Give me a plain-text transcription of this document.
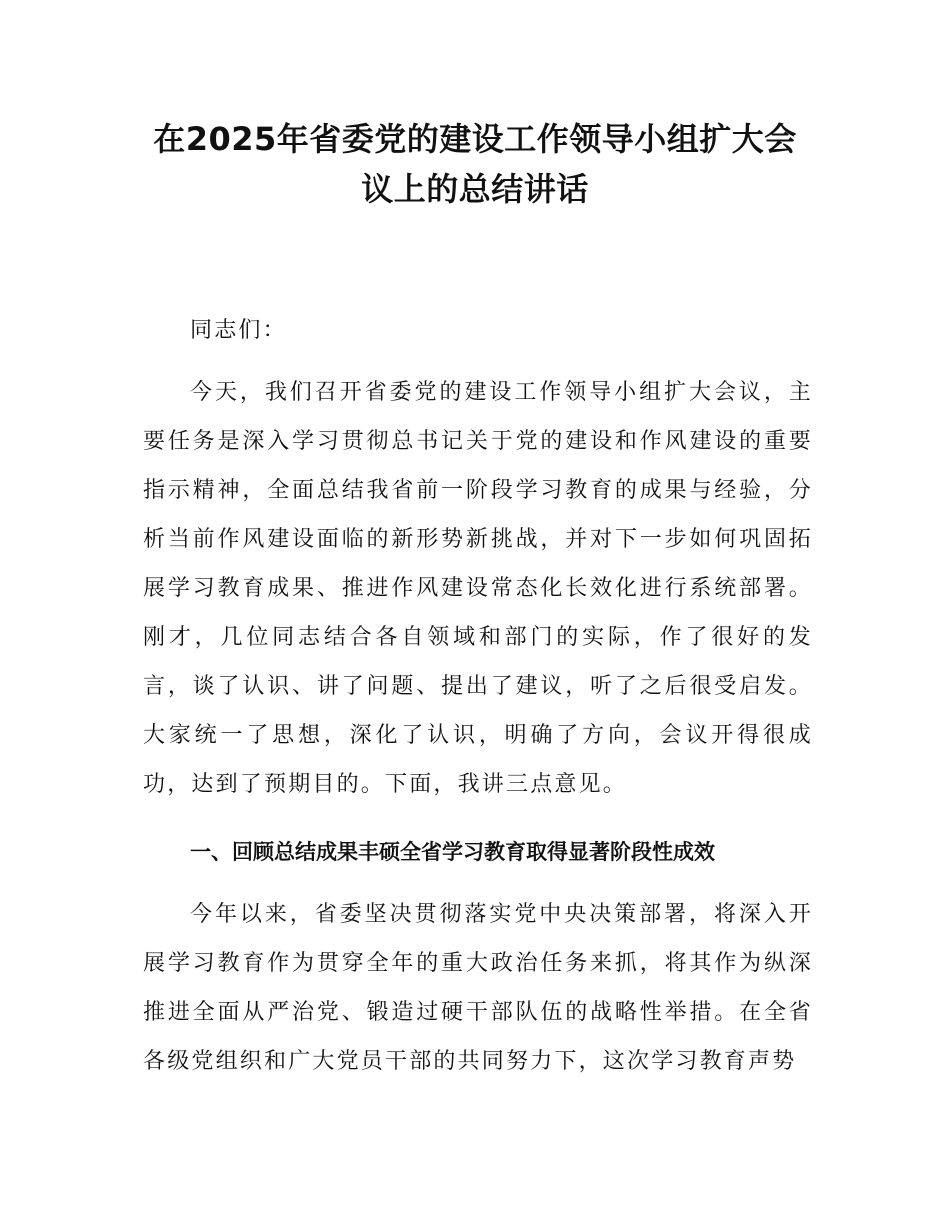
在2025年省委党的建设工作领导小组扩大会
议上的总结讲话

同志们：

今天，我们召开省委党的建设工作领导小组扩大会议，主要任务是深入学习贯彻总书记关于党的建设和作风建设的重要指示精神，全面总结我省前一阶段学习教育的成果与经验，分析当前作风建设面临的新形势新挑战，并对下一步如何巩固拓展学习教育成果、推进作风建设常态化长效化进行系统部署。刚才，几位同志结合各自领域和部门的实际，作了很好的发言，谈了认识、讲了问题、提出了建议，听了之后很受启发。大家统一了思想，深化了认识，明确了方向，会议开得很成功，达到了预期目的。下面，我讲三点意见。

一、回顾总结成果丰硕全省学习教育取得显著阶段性成效

今年以来，省委坚决贯彻落实党中央决策部署，将深入开展学习教育作为贯穿全年的重大政治任务来抓，将其作为纵深推进全面从严治党、锻造过硬干部队伍的战略性举措。在全省各级党组织和广大党员干部的共同努力下，这次学习教育声势
